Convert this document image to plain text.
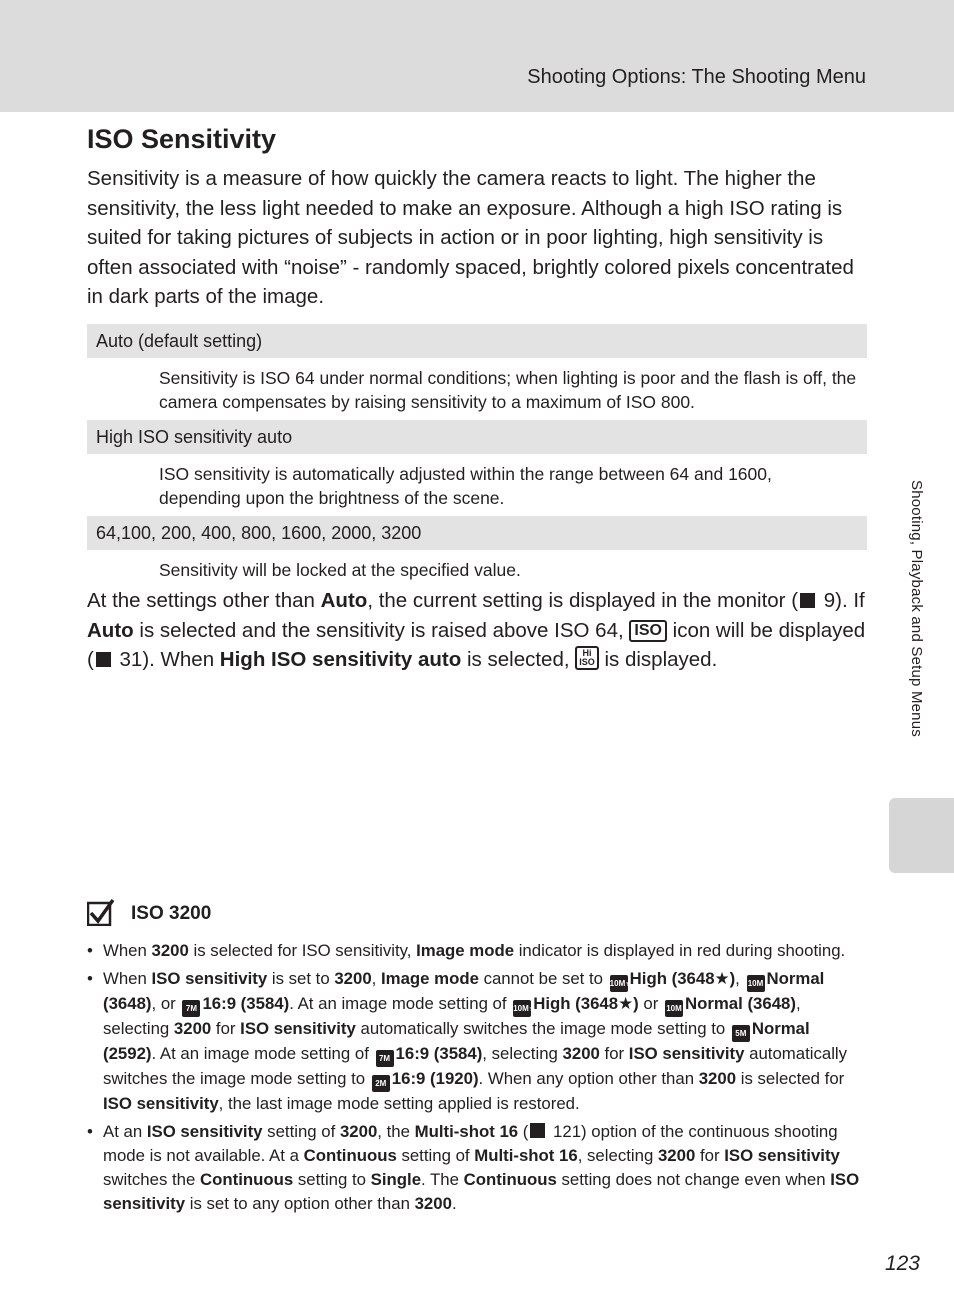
Shooting Options: The Shooting Menu
Shooting, Playback and Setup Menus
ISO Sensitivity

Sensitivity is a measure of how quickly the camera reacts to light. The higher the sensitivity, the less light needed to make an exposure. Although a high ISO rating is suited for taking pictures of subjects in action or in poor lighting, high sensitivity is often associated with “noise” - randomly spaced, brightly colored pixels concentrated in dark parts of the image.

Auto (default setting)
Sensitivity is ISO 64 under normal conditions; when lighting is poor and the flash is off, the camera compensates by raising sensitivity to a maximum of ISO 800.
High ISO sensitivity auto
ISO sensitivity is automatically adjusted within the range between 64 and 1600, depending upon the brightness of the scene.
64,100, 200, 400, 800, 1600, 2000, 3200
Sensitivity will be locked at the specified value.

At the settings other than Auto, the current setting is displayed in the monitor ( 9). If Auto is selected and the sensitivity is raised above ISO 64, ISO icon will be displayed ( 31). When High ISO sensitivity auto is selected, Hi
ISO is displayed.

ISO 3200
• When 3200 is selected for ISO sensitivity, Image mode indicator is displayed in red during shooting.
• When ISO sensitivity is set to 3200, Image mode cannot be set to 10M★High (3648★), 10M Normal (3648), or 7M 16:9 (3584). At an image mode setting of 10M★High (3648★) or 10M Normal (3648), selecting 3200 for ISO sensitivity automatically switches the image mode setting to 5M Normal (2592). At an image mode setting of 7M 16:9 (3584), selecting 3200 for ISO sensitivity automatically switches the image mode setting to 2M 16:9 (1920). When any option other than 3200 is selected for ISO sensitivity, the last image mode setting applied is restored.
• At an ISO sensitivity setting of 3200, the Multi-shot 16 ( 121) option of the continuous shooting mode is not available. At a Continuous setting of Multi-shot 16, selecting 3200 for ISO sensitivity switches the Continuous setting to Single. The Continuous setting does not change even when ISO sensitivity is set to any option other than 3200.
123
